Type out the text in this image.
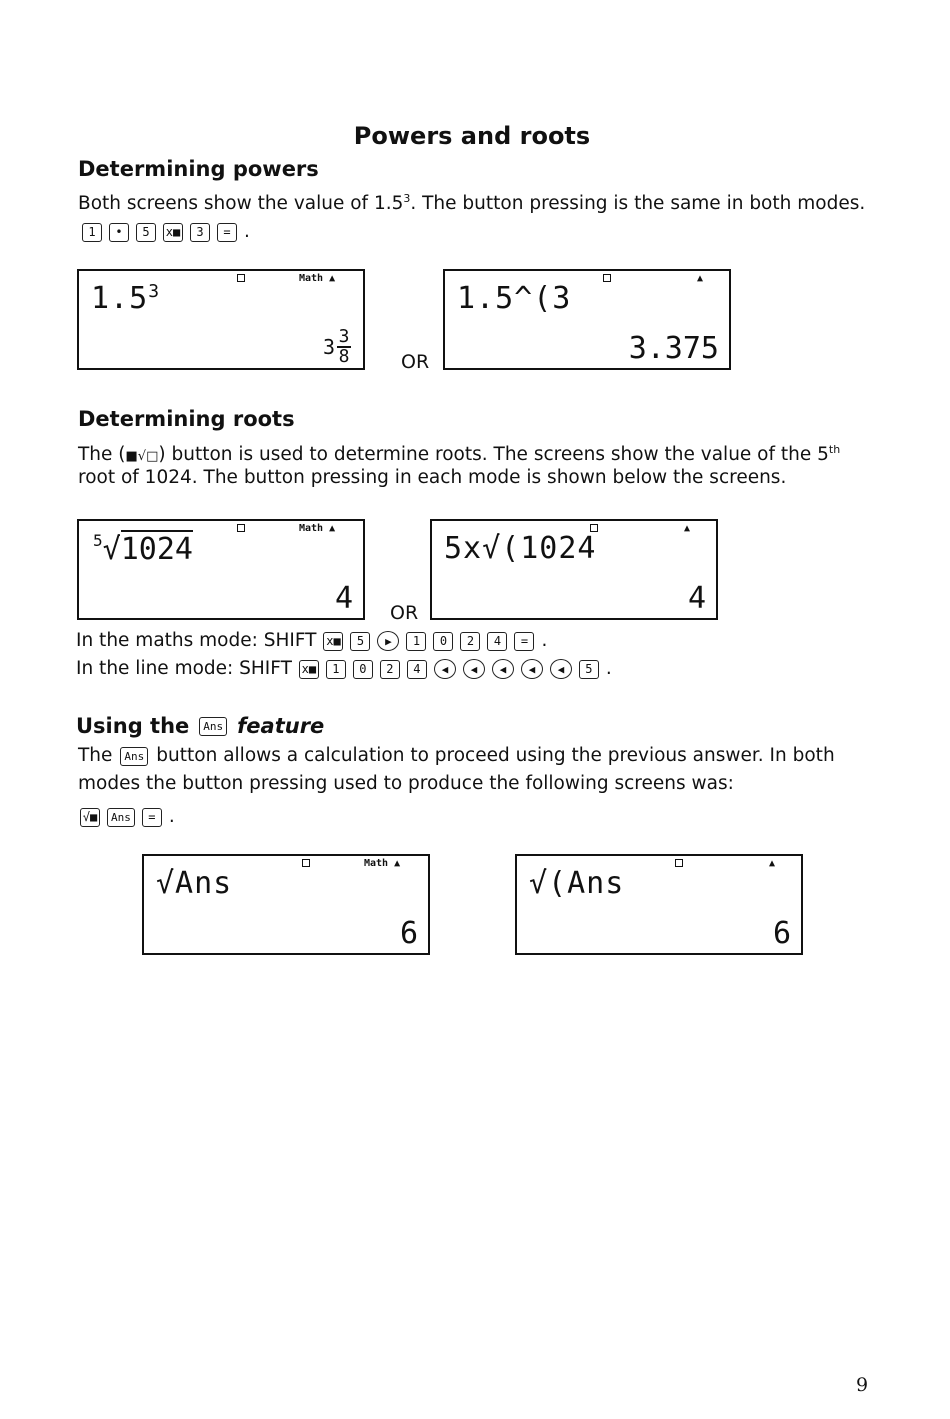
Powers and roots
Determining powers
Both screens show the value of $1.5^3$. The button pressing is the same in both modes.
1	•	5	x■	3	= .
Math ▲
$1.5^3$
$3 \frac{3}{8}$	OR
▲
1.5^(3
3.375
Determining roots
The (■√□) button is used to determine roots. The screens show the value of the 5th
root of 1024. The button pressing in each mode is shown below the screens.
Math ▲
5√1024
4 OR
▲
5x√(1024
4
In the maths mode: SHIFT x■	5	▶	1	0	2	4	= .
In the line mode: SHIFT x■	1	0	2	4	◀	◀	◀	◀	◀	5 .
Using the	Ans feature
The	Ans button allows a calculation to proceed using the previous answer. In both
modes the button pressing used to produce the following screens was:
√■	Ans	= .
Math ▲
√Ans
6
▲
√(Ans
6
9
